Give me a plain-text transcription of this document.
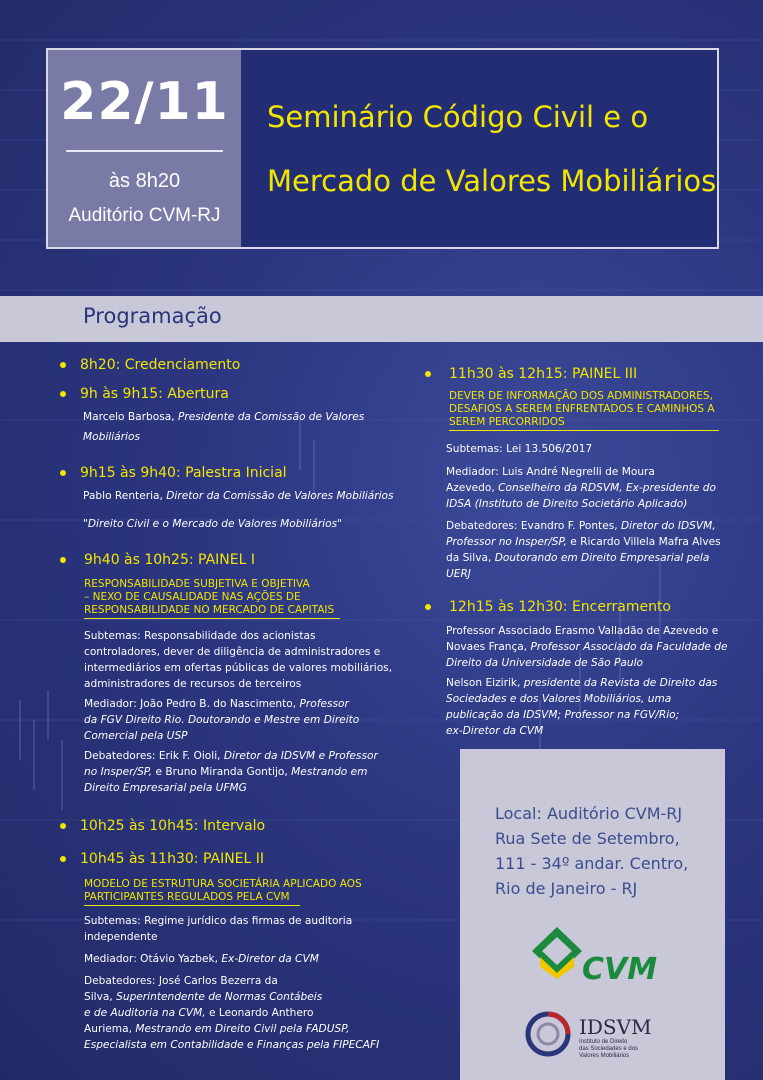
22/11
às 8h20
Auditório CVM-RJ
Seminário Código Civil e o
Mercado de Valores Mobiliários
Programação
8h20: Credenciamento
9h às 9h15: Abertura
Marcelo Barbosa, Presidente da Comissão de Valores
Mobiliários
9h15 às 9h40: Palestra Inicial
Pablo Renteria, Diretor da Comissão de Valores Mobiliários
"Direito Civil e o Mercado de Valores Mobiliários"
9h40 às 10h25: PAINEL I
RESPONSABILIDADE SUBJETIVA E OBJETIVA
– NEXO DE CAUSALIDADE NAS AÇÕES DE
RESPONSABILIDADE NO MERCADO DE CAPITAIS
Subtemas: Responsabilidade dos acionistas
controladores, dever de diligência de administradores e
intermediários em ofertas públicas de valores mobiliários,
administradores de recursos de terceiros
Mediador: João Pedro B. do Nascimento, Professor
da FGV Direito Rio. Doutorando e Mestre em Direito
Comercial pela USP
Debatedores: Erik F. Oioli, Diretor da IDSVM e Professor
no Insper/SP, e Bruno Miranda Gontijo, Mestrando em
Direito Empresarial pela UFMG
10h25 às 10h45: Intervalo
10h45 às 11h30: PAINEL II
MODELO DE ESTRUTURA SOCIETÁRIA APLICADO AOS
PARTICIPANTES REGULADOS PELA CVM
Subtemas: Regime jurídico das firmas de auditoria
independente
Mediador: Otávio Yazbek, Ex-Diretor da CVM
Debatedores: José Carlos Bezerra da
Silva, Superintendente de Normas Contábeis
e de Auditoria na CVM, e Leonardo Anthero
Auriema, Mestrando em Direito Civil pela FADUSP,
Especialista em Contabilidade e Finanças pela FIPECAFI
11h30 às 12h15: PAINEL III
DEVER DE INFORMAÇÃO DOS ADMINISTRADORES,
DESAFIOS A SEREM ENFRENTADOS E CAMINHOS A
SEREM PERCORRIDOS
Subtemas: Lei 13.506/2017
Mediador: Luis André Negrelli de Moura
Azevedo, Conselheiro da RDSVM, Ex-presidente do
IDSA (Instituto de Direito Societário Aplicado)
Debatedores: Evandro F. Pontes, Diretor do IDSVM,
Professor no Insper/SP, e Ricardo Villela Mafra Alves
da Silva, Doutorando em Direito Empresarial pela
UERJ
12h15 às 12h30: Encerramento
Professor Associado Erasmo Valladão de Azevedo e
Novaes França, Professor Associado da Faculdade de
Direito da Universidade de São Paulo
Nelson Eizirik, presidente da Revista de Direito das
Sociedades e dos Valores Mobiliários, uma
publicação da IDSVM; Professor na FGV/Rio;
ex-Diretor da CVM
Local: Auditório CVM-RJ
Rua Sete de Setembro,
111 - 34º andar. Centro,
Rio de Janeiro - RJ
CVM
IDSVM
Instituto de Direito
das Sociedades e dos
Valores Mobiliários
